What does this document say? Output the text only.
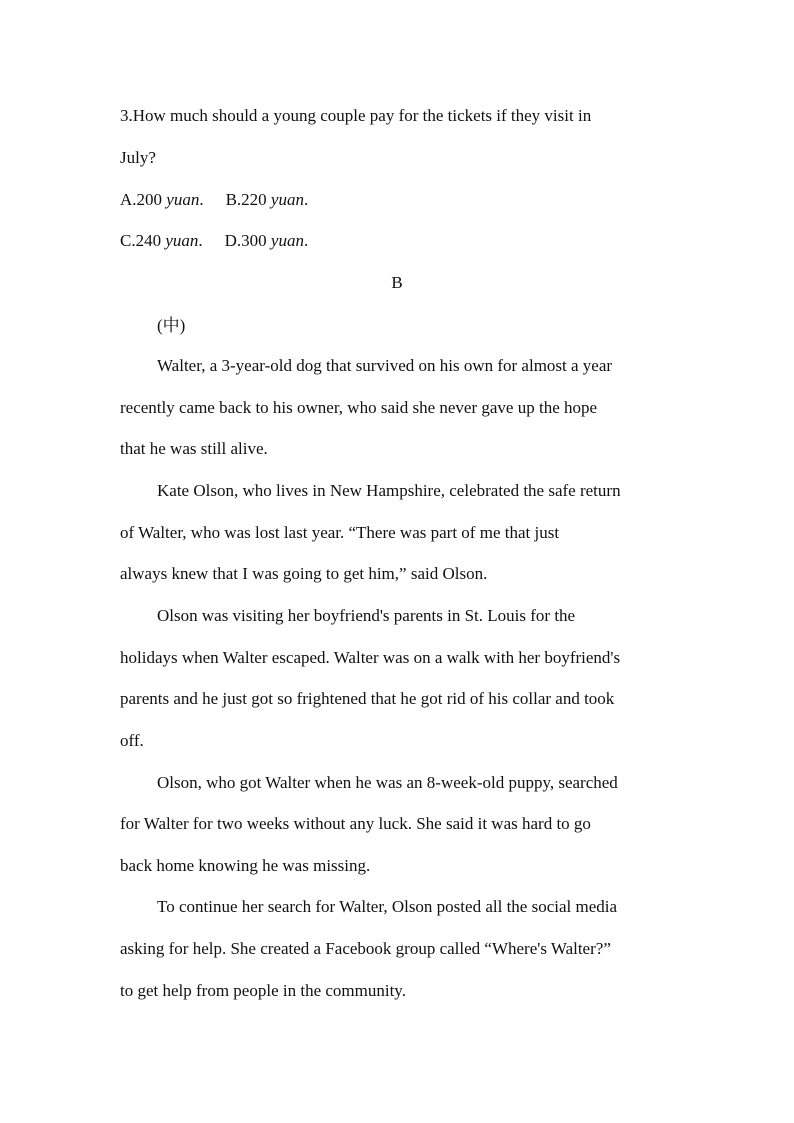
3.How much should a young couple pay for the tickets if they visit in
July?
A.200 yuan. B.220 yuan.
C.240 yuan. D.300 yuan.
B
(中)
Walter, a 3-year-old dog that survived on his own for almost a year
recently came back to his owner, who said she never gave up the hope
that he was still alive.
Kate Olson, who lives in New Hampshire, celebrated the safe return
of Walter, who was lost last year. “There was part of me that just
always knew that I was going to get him,” said Olson.
Olson was visiting her boyfriend's parents in St. Louis for the
holidays when Walter escaped. Walter was on a walk with her boyfriend's
parents and he just got so frightened that he got rid of his collar and took
off.
Olson, who got Walter when he was an 8-week-old puppy, searched
for Walter for two weeks without any luck. She said it was hard to go
back home knowing he was missing.
To continue her search for Walter, Olson posted all the social media
asking for help. She created a Facebook group called “Where's Walter?”
to get help from people in the community.
